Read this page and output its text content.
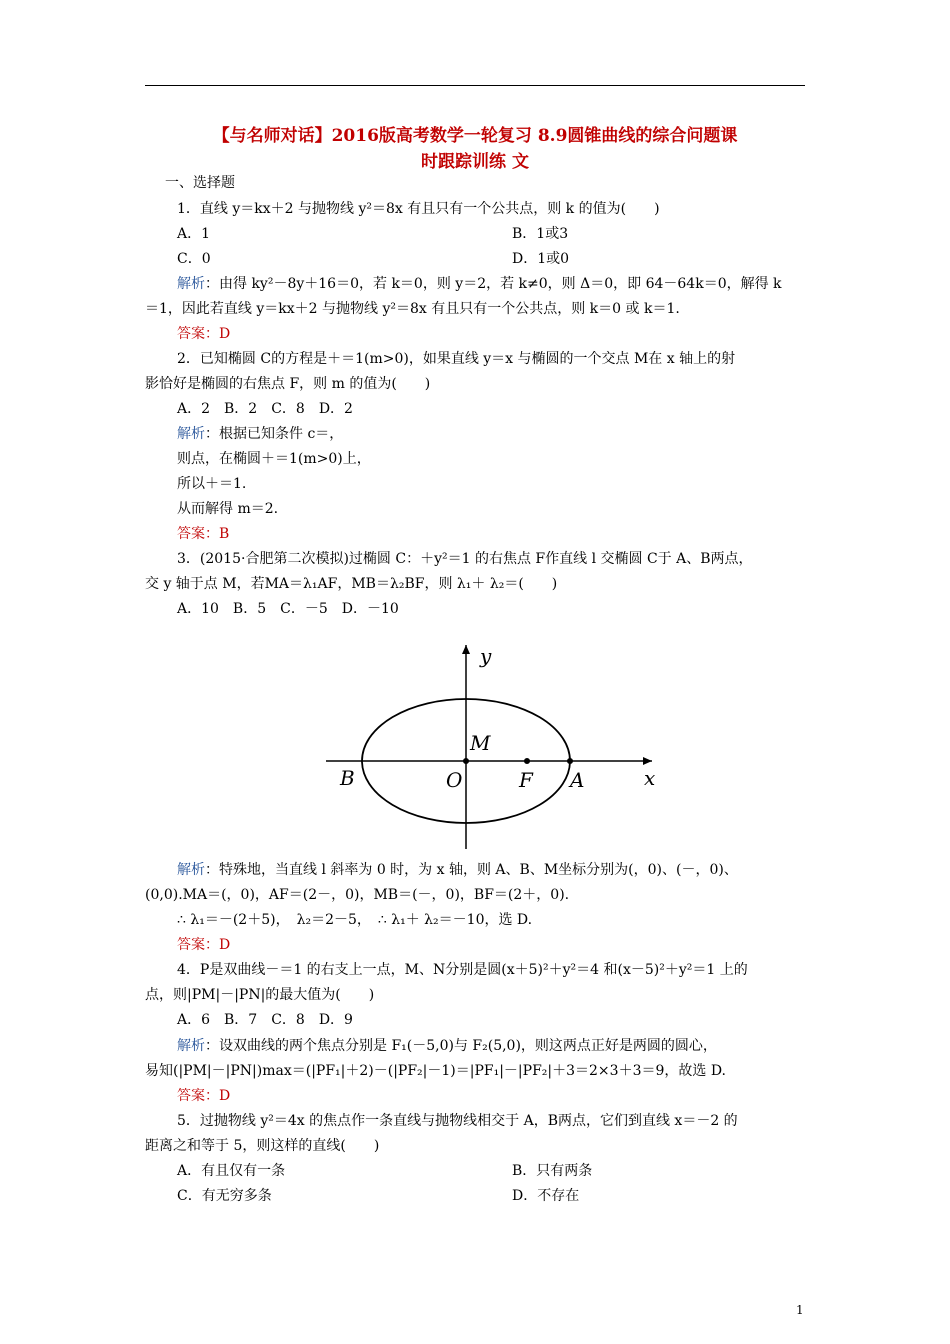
【与名师对话】2016版高考数学一轮复习 8.9圆锥曲线的综合问题课
时跟踪训练 文
一、选择题
1．直线 y＝kx＋2 与抛物线 y²＝8x 有且只有一个公共点，则 k 的值为(　　)
A．1	B．1或3
C．0	D．1或0
解析：由得 ky²－8y＋16＝0，若 k＝0，则 y＝2，若 k≠0，则 Δ＝0，即 64－64k＝0，解得 k
＝1，因此若直线 y＝kx＋2 与抛物线 y²＝8x 有且只有一个公共点，则 k＝0 或 k＝1.
答案：D
2．已知椭圆 C的方程是＋＝1(m>0)，如果直线 y＝x 与椭圆的一个交点 M在 x 轴上的射
影恰好是椭圆的右焦点 F，则 m 的值为(　　)
A．2　B．2　C．8　D．2
解析：根据已知条件 c＝，
则点，在椭圆＋＝1(m>0)上，
所以＋＝1.
从而解得 m＝2.
答案：B
3．(2015·合肥第二次模拟)过椭圆 C：＋y²＝1 的右焦点 F作直线 l 交椭圆 C于 A、B两点，
交 y 轴于点 M，若MA＝λ₁AF，MB＝λ₂BF，则 λ₁＋ λ₂＝(　　)
A．10　B．5　C．－5　D．－10
y
x
M
B	O	F A
解析：特殊地，当直线 l 斜率为 0 时，为 x 轴，则 A、B、M坐标分别为(，0)、(－，0)、
(0,0).MA＝(，0)，AF＝(2－，0)，MB＝(－，0)，BF＝(2＋，0).
∴ λ₁＝－(2＋5)，　λ₂＝2－5，　∴ λ₁＋ λ₂＝－10，选 D.
答案：D
4．P是双曲线－＝1 的右支上一点，M、N分别是圆(x＋5)²＋y²＝4 和(x－5)²＋y²＝1 上的
点，则|PM|－|PN|的最大值为(　　)
A．6　B．7　C．8　D．9
解析：设双曲线的两个焦点分别是 F₁(－5,0)与 F₂(5,0)，则这两点正好是两圆的圆心，
易知(|PM|－|PN|)max＝(|PF₁|＋2)－(|PF₂|－1)＝|PF₁|－|PF₂|＋3＝2×3＋3＝9，故选 D.
答案：D
5．过抛物线 y²＝4x 的焦点作一条直线与抛物线相交于 A，B两点，它们到直线 x＝－2 的
距离之和等于 5，则这样的直线(　　)
A．有且仅有一条	B．只有两条
C．有无穷多条	D．不存在
1
